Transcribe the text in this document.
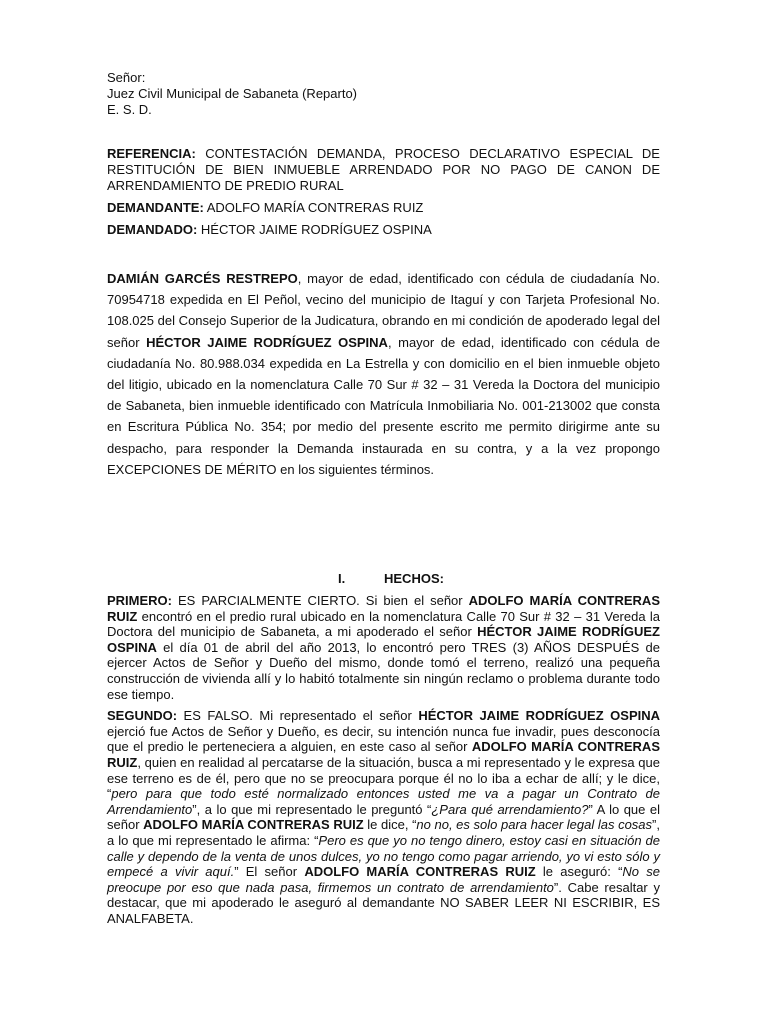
Señor:

Juez Civil Municipal de Sabaneta (Reparto)

E. S. D.

REFERENCIA: CONTESTACIÓN DEMANDA, PROCESO DECLARATIVO ESPECIAL DE RESTITUCIÓN DE BIEN INMUEBLE ARRENDADO POR NO PAGO DE CANON DE ARRENDAMIENTO DE PREDIO RURAL

DEMANDANTE: ADOLFO MARÍA CONTRERAS RUIZ

DEMANDADO: HÉCTOR JAIME RODRÍGUEZ OSPINA

DAMIÁN GARCÉS RESTREPO, mayor de edad, identificado con cédula de ciudadanía No. 70954718 expedida en El Peñol, vecino del municipio de Itaguí y con Tarjeta Profesional No. 108.025 del Consejo Superior de la Judicatura, obrando en mi condición de apoderado legal del señor HÉCTOR JAIME RODRÍGUEZ OSPINA, mayor de edad, identificado con cédula de ciudadanía No. 80.988.034 expedida en La Estrella y con domicilio en el bien inmueble objeto del litigio, ubicado en la nomenclatura Calle 70 Sur # 32 – 31 Vereda la Doctora del municipio de Sabaneta, bien inmueble identificado con Matrícula Inmobiliaria No. 001-213002 que consta en Escritura Pública No. 354; por medio del presente escrito me permito dirigirme ante su despacho, para responder la Demanda instaurada en su contra, y a la vez propongo EXCEPCIONES DE MÉRITO en los siguientes términos.

I.	HECHOS:

PRIMERO: ES PARCIALMENTE CIERTO. Si bien el señor ADOLFO MARÍA CONTRERAS RUIZ encontró en el predio rural ubicado en la nomenclatura Calle 70 Sur # 32 – 31 Vereda la Doctora del municipio de Sabaneta, a mi apoderado el señor HÉCTOR JAIME RODRÍGUEZ OSPINA el día 01 de abril del año 2013, lo encontró pero TRES (3) AÑOS DESPUÉS de ejercer Actos de Señor y Dueño del mismo, donde tomó el terreno, realizó una pequeña construcción de vivienda allí y lo habitó totalmente sin ningún reclamo o problema durante todo ese tiempo.

SEGUNDO: ES FALSO. Mi representado el señor HÉCTOR JAIME RODRÍGUEZ OSPINA ejerció fue Actos de Señor y Dueño, es decir, su intención nunca fue invadir, pues desconocía que el predio le perteneciera a alguien, en este caso al señor ADOLFO MARÍA CONTRERAS RUIZ, quien en realidad al percatarse de la situación, busca a mi representado y le expresa que ese terreno es de él, pero que no se preocupara porque él no lo iba a echar de allí; y le dice, “pero para que todo esté normalizado entonces usted me va a pagar un Contrato de Arrendamiento”, a lo que mi representado le preguntó “¿Para qué arrendamiento?” A lo que el señor ADOLFO MARÍA CONTRERAS RUIZ le dice, “no no, es solo para hacer legal las cosas”, a lo que mi representado le afirma: “Pero es que yo no tengo dinero, estoy casi en situación de calle y dependo de la venta de unos dulces, yo no tengo como pagar arriendo, yo vi esto sólo y empecé a vivir aquí.” El señor ADOLFO MARÍA CONTRERAS RUIZ le aseguró: “No se preocupe por eso que nada pasa, firmemos un contrato de arrendamiento”. Cabe resaltar y destacar, que mi apoderado le aseguró al demandante NO SABER LEER NI ESCRIBIR, ES ANALFABETA.
